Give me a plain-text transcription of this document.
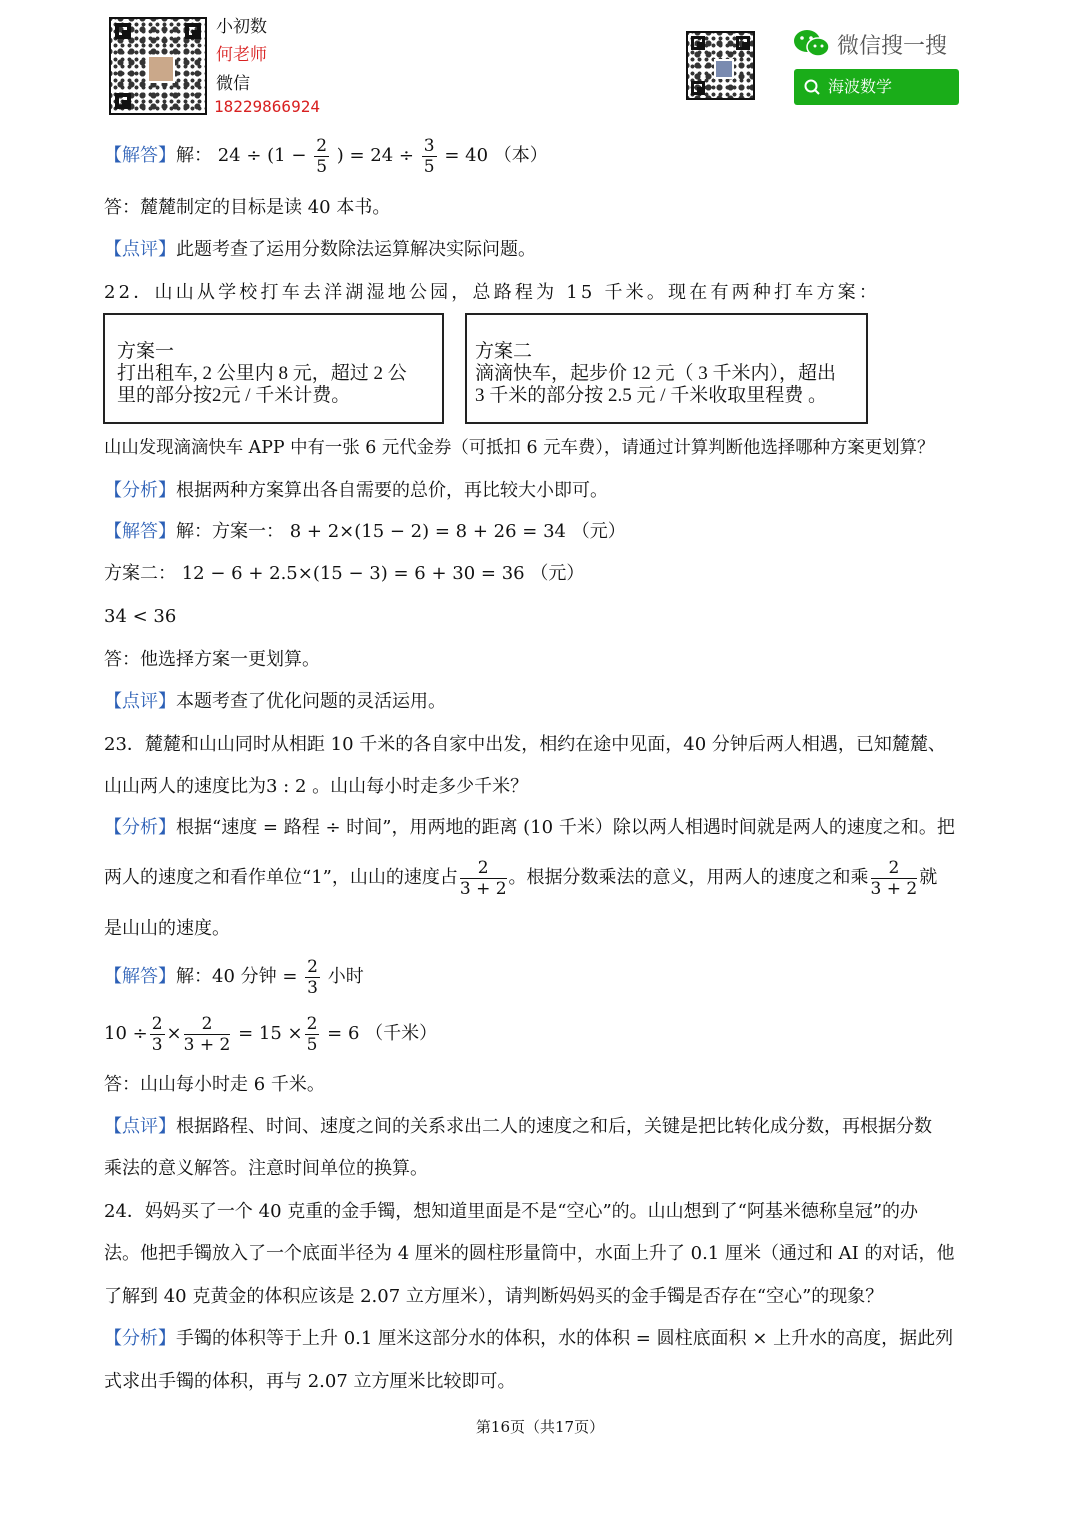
小初数
何老师
微信
18229866924
微信搜一搜
海波数学
【解答】解： $24 \div (1 - \frac{2}{5}$ ) = $24 \div \frac{3}{5} = 40$ （本）
答：麓麓制定的目标是读 40 本书。
【点评】此题考查了运用分数除法运算解决实际问题。
22．山山从学校打车去洋湖湿地公园，总路程为 15 千米。现在有两种打车方案：
方案一
打出租车, 2 公里内 8 元，超过 2 公
里的部分按2元 / 千米计费。
方案二
滴滴快车，起步价 12 元（ 3 千米内），超出
3 千米的部分按 2.5 元 / 千米收取里程费 。
山山发现滴滴快车 APP 中有一张 6 元代金券（可抵扣 6 元车费），请通过计算判断他选择哪种方案更划算？
【分析】根据两种方案算出各自需要的总价，再比较大小即可。
【解答】解：方案一： 8 + 2×(15 − 2) = 8 + 26 = 34 （元）
方案二： 12 − 6 + 2.5×(15 − 3) = 6 + 30 = 36 （元）
34 < 36
答：他选择方案一更划算。
【点评】本题考查了优化问题的灵活运用。
23．麓麓和山山同时从相距 10 千米的各自家中出发，相约在途中见面，40 分钟后两人相遇，已知麓麓、
山山两人的速度比为3 : 2 。山山每小时走多少千米？
【分析】根据“速度 = 路程 ÷ 时间”，用两地的距离 (10 千米）除以两人相遇时间就是两人的速度之和。把
两人的速度之和看作单位“1”，山山的速度占 $\frac{2}{3 + 2}$ 。根据分数乘法的意义，用两人的速度之和乘 $\frac{2}{3 + 2}$ 就
是山山的速度。
【解答】解：40 分钟 = $\frac{2}{3}$ 小时
$10 \div \frac{2}{3} \times \frac{2}{3 + 2} = 15 \times \frac{2}{5} = 6$ （千米）
答：山山每小时走 6 千米。
【点评】根据路程、时间、速度之间的关系求出二人的速度之和后，关键是把比转化成分数，再根据分数
乘法的意义解答。注意时间单位的换算。
24．妈妈买了一个 40 克重的金手镯，想知道里面是不是“空心”的。山山想到了“阿基米德称皇冠”的办
法。他把手镯放入了一个底面半径为 4 厘米的圆柱形量筒中，水面上升了 0.1 厘米（通过和 AI 的对话，他
了解到 40 克黄金的体积应该是 2.07 立方厘米），请判断妈妈买的金手镯是否存在“空心”的现象？
【分析】手镯的体积等于上升 0.1 厘米这部分水的体积，水的体积 = 圆柱底面积 × 上升水的高度，据此列
式求出手镯的体积，再与 2.07 立方厘米比较即可。
第16页（共17页）
